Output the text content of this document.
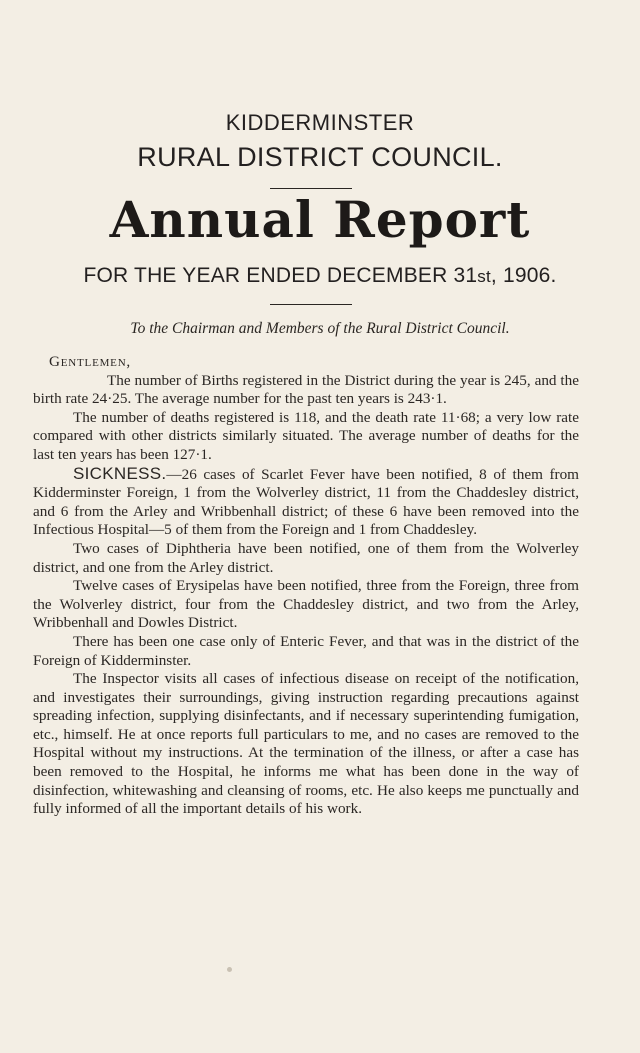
KIDDERMINSTER
RURAL DISTRICT COUNCIL.
Annual Report
FOR THE YEAR ENDED DECEMBER 31st, 1906.
To the Chairman and Members of the Rural District Council.

Gentlemen,

The number of Births registered in the District during the year is 245, and the birth rate 24·25. The average number for the past ten years is 243·1.

The number of deaths registered is 118, and the death rate 11·68; a very low rate compared with other districts similarly situated. The average number of deaths for the last ten years has been 127·1.

SICKNESS.—26 cases of Scarlet Fever have been notified, 8 of them from Kidderminster Foreign, 1 from the Wolverley district, 11 from the Chaddesley district, and 6 from the Arley and Wribbenhall district; of these 6 have been removed into the Infectious Hospital—5 of them from the Foreign and 1 from Chaddesley.

Two cases of Diphtheria have been notified, one of them from the Wolverley district, and one from the Arley district.

Twelve cases of Erysipelas have been notified, three from the Foreign, three from the Wolverley district, four from the Chaddesley district, and two from the Arley, Wribbenhall and Dowles District.

There has been one case only of Enteric Fever, and that was in the district of the Foreign of Kidderminster.

The Inspector visits all cases of infectious disease on receipt of the notification, and investigates their surroundings, giving instruction regarding precautions against spreading infection, supplying disinfectants, and if necessary superintending fumigation, etc., himself. He at once reports full particulars to me, and no cases are removed to the Hospital without my instructions. At the termination of the illness, or after a case has been removed to the Hospital, he informs me what has been done in the way of disinfection, whitewashing and cleansing of rooms, etc. He also keeps me punctually and fully informed of all the important details of his work.
